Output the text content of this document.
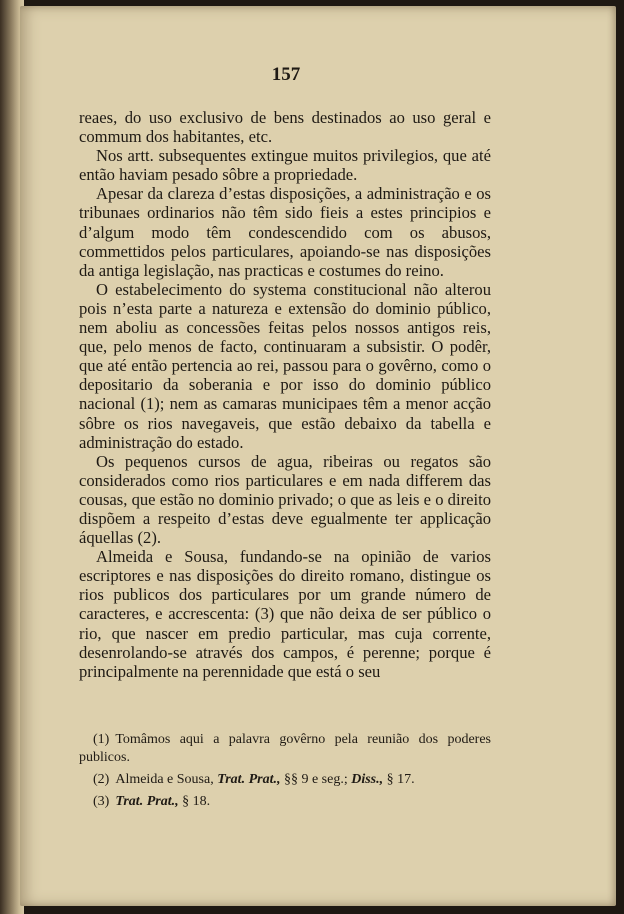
157

reaes, do uso exclusivo de bens destinados ao uso geral e commum dos habitantes, etc.

Nos artt. subsequentes extingue muitos privilegios, que até então haviam pesado sôbre a propriedade.

Apesar da clareza d’estas disposições, a administração e os tribunaes ordinarios não têm sido fieis a estes principios e d’algum modo têm condescendido com os abusos, commettidos pelos particulares, apoiando-se nas disposições da antiga legislação, nas practicas e costumes do reino.

O estabelecimento do systema constitucional não alterou pois n’esta parte a natureza e extensão do dominio público, nem aboliu as concessões feitas pelos nossos antigos reis, que, pelo menos de facto, continuaram a subsistir. O podêr, que até então pertencia ao rei, passou para o govêrno, como o depositario da soberania e por isso do dominio público nacional (1); nem as camaras municipaes têm a menor acção sôbre os rios navegaveis, que estão debaixo da tabella e administração do estado.

Os pequenos cursos de agua, ribeiras ou regatos são considerados como rios particulares e em nada differem das cousas, que estão no dominio privado; o que as leis e o direito dispõem a respeito d’estas deve egualmente ter applicação áquellas (2).

Almeida e Sousa, fundando-se na opinião de varios escriptores e nas disposições do direito romano, distingue os rios publicos dos particulares por um grande número de caracteres, e accrescenta: (3) que não deixa de ser público o rio, que nascer em predio particular, mas cuja corrente, desenrolando-se através dos campos, é perenne; porque é principalmente na perennidade que está o seu

(1) Tomâmos aqui a palavra govêrno pela reunião dos poderes publicos.

(2) Almeida e Sousa, Trat. Prat., §§ 9 e seg.; Diss., § 17.

(3) Trat. Prat., § 18.
